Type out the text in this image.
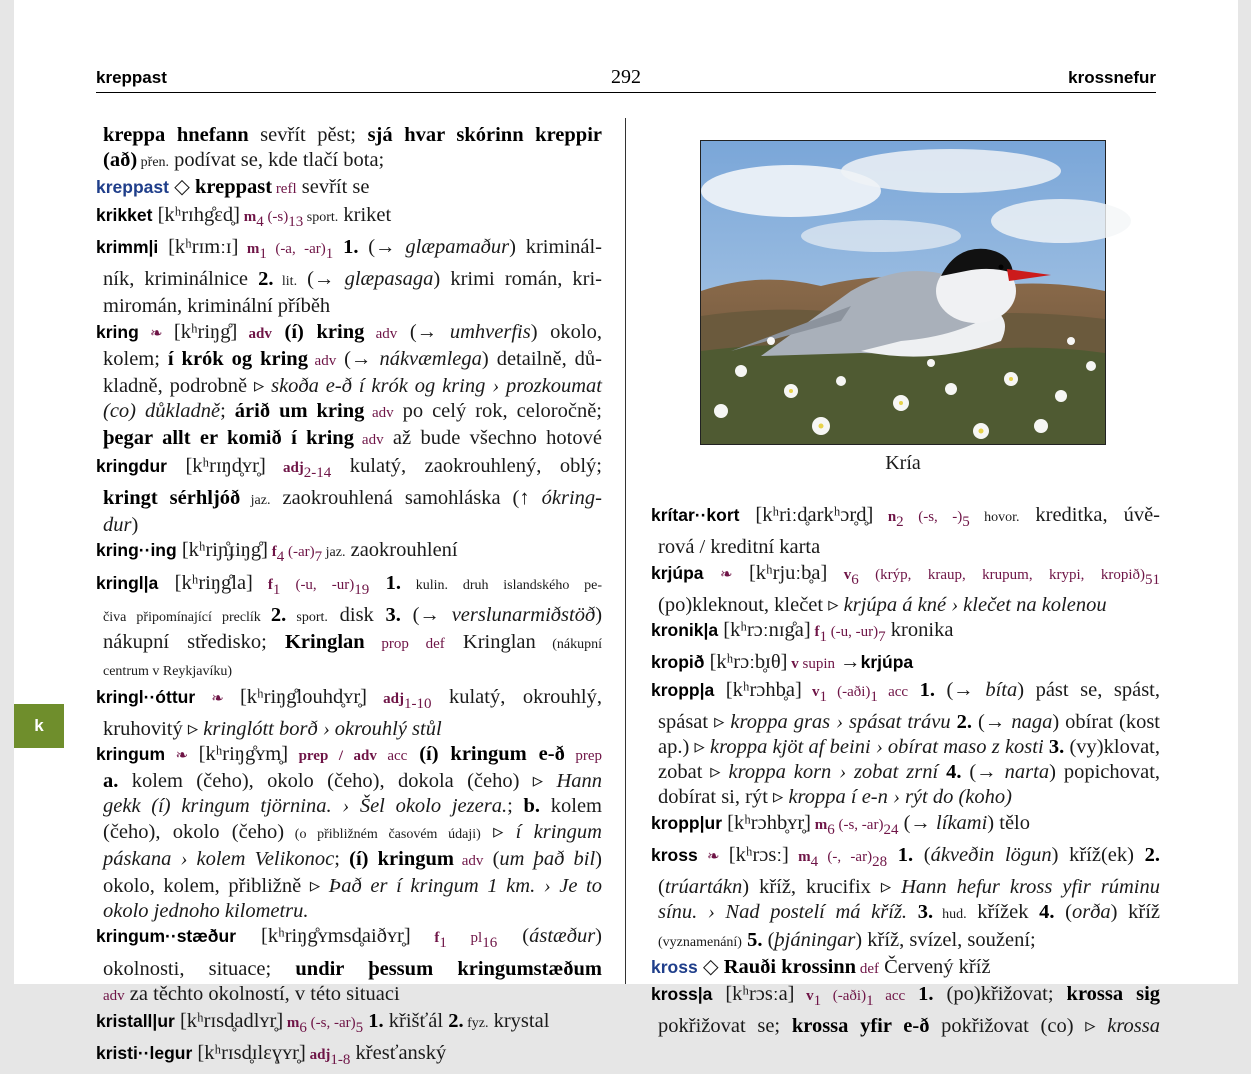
kreppast	292	krossnefur
kreppa hnefann sevřít pěst; sjá hvar skórinn kreppir
(að) přen. podívat se, kde tlačí bota;
kreppast ◇ kreppast refl sevřít se
krikket [kʰrɪhg̊ɛd̥] $m_4$ $(-s)_{13}$ sport. kriket
krimm|i [kʰrɪmːɪ] $m_1$ (-a, $-ar)_1$ 1. (→ glæpamaður) kriminál-
ník, kriminálnice 2. lit. (→ glæpasaga) krimi román, kri-
miromán, kriminální příběh
kring ❧ [kʰriŋg̊] adv (í) kring adv (→ umhverfis) okolo,
kolem; í krók og kring adv (→ nákvæmlega) detailně, dů-
kladně, podrobně ▹ skoða e-ð í krók og kring › prozkoumat
(co) důkladně; árið um kring adv po celý rok, celoročně;
þegar allt er komið í kring adv až bude všechno hotové
kringdur [kʰrɪŋd̥ʏr̥] adj$_{2-14}$ kulatý, zaokrouhlený, oblý;
kringt sérhljóð jaz. zaokrouhlená samohláska (↑ ókring-
dur)
kring··ing [kʰriɲ̊ɟiŋg̊] $f_4$ $(-ar)_7$ jaz. zaokrouhlení
kringl|a [kʰriŋg̊la] $f_1$ (-u, $-ur)_{19}$ 1. kulin. druh islandského pe-
čiva připomínající preclík 2. sport. disk 3. (→ verslunarmiðstöð)
nákupní středisko; Kringlan prop def Kringlan (nákupní
centrum v Reykjavíku)
kringl··óttur ❧ [kʰriŋg̊louhd̥ʏr̥] adj$_{1-10}$ kulatý, okrouhlý,
kruhovitý ▹ kringlótt borð › okrouhlý stůl
kringum ❧ [kʰriŋg̊ʏm̥] prep / adv acc (í) kringum e-ð prep
a. kolem (čeho), okolo (čeho), dokola (čeho) ▹ Hann
gekk (í) kringum tjörnina. › Šel okolo jezera.; b. kolem
(čeho), okolo (čeho) (o přibližném časovém údaji) ▹ í kringum
páskana › kolem Velikonoc; (í) kringum adv (um það bil)
okolo, kolem, přibližně ▹ Það er í kringum 1 km. › Je to
okolo jednoho kilometru.
kringum··stæður [kʰriŋg̊ʏmsd̥aiðʏr̥] $f_1$ $pl_{16}$ (ástæður)
okolnosti, situace; undir þessum kringumstæðum
adv za těchto okolností, v této situaci
kristall|ur [kʰrɪsd̥adlʏr̥] $m_6$ (-s, $-ar)_5$ 1. křišťál 2. fyz. krystal
kristi··legur [kʰrɪsd̥ɪlɛɣʏr̥] adj$_{1-8}$ křesťanský
Kría
krítar··kort [kʰriːd̥arkʰɔr̥d̥] $n_2$ (-s, $-)_5$ hovor. kreditka, úvě-
rová / kreditní karta
krjúpa ❧ [kʰrjuːb̥a] $v_6$ (krýp, kraup, krupum, krypi, $kropið)_{51}$
(po)kleknout, klečet ▹ krjúpa á kné › klečet na kolenou
kronik|a [kʰrɔːnɪg̊a] $f_1$ (-u, $-ur)_7$ kronika
kropið [kʰrɔːb̥ɪθ] v supin →krjúpa
kropp|a [kʰrɔhb̥a] $v_1$ $(-aði)_1$ acc 1. (→ bíta) pást se, spást,
spásat ▹ kroppa gras › spásat trávu 2. (→ naga) obírat (kost
ap.) ▹ kroppa kjöt af beini › obírat maso z kosti 3. (vy)klovat,
zobat ▹ kroppa korn › zobat zrní 4. (→ narta) popichovat,
dobírat si, rýt ▹ kroppa í e-n › rýt do (koho)
kropp|ur [kʰrɔhb̥ʏr̥] $m_6$ (-s, $-ar)_{24}$ (→ líkami) tělo
kross ❧ [kʰrɔsː] $m_4$ (-, $-ar)_{28}$ 1. (ákveðin lögun) kříž(ek) 2.
(trúartákn) kříž, krucifix ▹ Hann hefur kross yfir rúminu
sínu. › Nad postelí má kříž. 3. hud. křížek 4. (orða) kříž
(vyznamenání) 5. (þjáningar) kříž, svízel, soužení;
kross ◇ Rauði krossinn def Červený kříž
kross|a [kʰrɔsːa] $v_1$ $(-aði)_1$ acc 1. (po)křižovat; krossa sig
pokřižovat se; krossa yfir e-ð pokřižovat (co) ▹ krossa
k
